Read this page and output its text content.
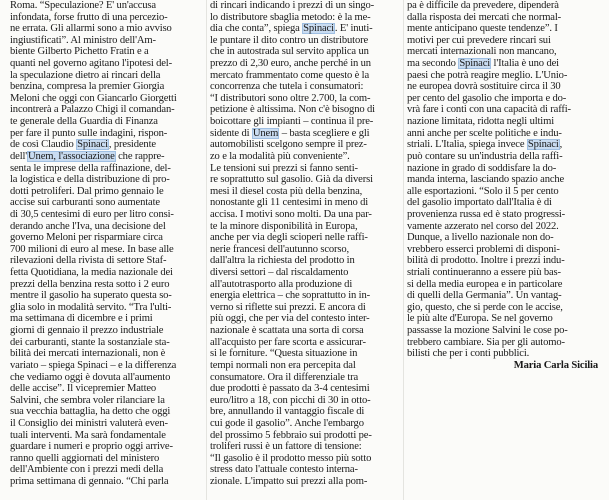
Roma. “Speculazione? E' un'accusa
infondata, forse frutto di una percezio-
ne errata. Gli allarmi sono a mio avviso
ingiustificati”. Al ministro dell'Am-
biente Gilberto Pichetto Fratin e a
quanti nel governo agitano l'ipotesi del-
la speculazione dietro ai rincari della
benzina, compresa la premier Giorgia
Meloni che oggi con Giancarlo Giorgetti
incontrerà a Palazzo Chigi il comandan-
te generale della Guardia di Finanza
per fare il punto sulle indagini, rispon-
de così Claudio Spinaci, presidente
dell'Unem, l'associazione che rappre-
senta le imprese della raffinazione, del-
la logistica e della distribuzione di pro-
dotti petroliferi. Dal primo gennaio le
accise sui carburanti sono aumentate
di 30,5 centesimi di euro per litro consi-
derando anche l'Iva, una decisione del
governo Meloni per risparmiare circa
700 milioni di euro al mese. In base alle
rilevazioni della rivista di settore Staf-
fetta Quotidiana, la media nazionale dei
prezzi della benzina resta sotto i 2 euro
mentre il gasolio ha superato questa so-
glia solo in modalità servito. “Tra l'ulti-
ma settimana di dicembre e i primi
giorni di gennaio il prezzo industriale
dei carburanti, stante la sostanziale sta-
bilità dei mercati internazionali, non è
variato – spiega Spinaci – e la differenza
che vediamo oggi è dovuta all'aumento
delle accise”. Il vicepremier Matteo
Salvini, che sembra voler rilanciare la
sua vecchia battaglia, ha detto che oggi
il Consiglio dei ministri valuterà even-
tuali interventi. Ma sarà fondamentale
guardare i numeri e proprio oggi arrive-
ranno quelli aggiornati del ministero
dell'Ambiente con i prezzi medi della
prima settimana di gennaio. “Chi parla
di rincari indicando i prezzi di un singo-
lo distributore sbaglia metodo: è la me-
dia che conta”, spiega Spinaci. E' inuti-
le puntare il dito contro un distributore
che in autostrada sul servito applica un
prezzo di 2,30 euro, anche perché in un
mercato frammentato come questo è la
concorrenza che tutela i consumatori:
“I distributori sono oltre 2.700, la com-
petizione è altissima. Non c'è bisogno di
boicottare gli impianti – continua il pre-
sidente di Unem – basta scegliere e gli
automobilisti scelgono sempre il prez-
zo e la modalità più conveniente”.
Le tensioni sui prezzi si fanno senti-
re soprattutto sul gasolio. Già da diversi
mesi il diesel costa più della benzina,
nonostante gli 11 centesimi in meno di
accisa. I motivi sono molti. Da una par-
te la minore disponibilità in Europa,
anche per via degli scioperi nelle raffi-
nerie francesi dell'autunno scorso,
dall'altra la richiesta del prodotto in
diversi settori – dal riscaldamento
all'autotrasporto alla produzione di
energia elettrica – che soprattutto in in-
verno si riflette sui prezzi. E ancora di
più oggi, che per via del contesto inter-
nazionale è scattata una sorta di corsa
all'acquisto per fare scorta e assicurar-
si le forniture. “Questa situazione in
tempi normali non era percepita dal
consumatore. Ora il differenziale tra
due prodotti è passato da 3-4 centesimi
euro/litro a 18, con picchi di 30 in otto-
bre, annullando il vantaggio fiscale di
cui gode il gasolio”. Anche l'embargo
del prossimo 5 febbraio sui prodotti pe-
troliferi russi è un fattore di tensione:
“Il gasolio è il prodotto messo più sotto
stress dato l'attuale contesto interna-
zionale. L'impatto sui prezzi alla pom-
pa è difficile da prevedere, dipenderà
dalla risposta dei mercati che normal-
mente anticipano queste tendenze”. I
motivi per cui prevedere rincari sui
mercati internazionali non mancano,
ma secondo Spinaci l'Italia è uno dei
paesi che potrà reagire meglio. L'Unio-
ne europea dovrà sostituire circa il 30
per cento del gasolio che importa e do-
vrà fare i conti con una capacità di raffi-
nazione limitata, ridotta negli ultimi
anni anche per scelte politiche e indu-
striali. L'Italia, spiega invece Spinaci,
può contare su un'industria della raffi-
nazione in grado di soddisfare la do-
manda interna, lasciando spazio anche
alle esportazioni. “Solo il 5 per cento
del gasolio importato dall'Italia è di
provenienza russa ed è stato progressi-
vamente azzerato nel corso del 2022.
Dunque, a livello nazionale non do-
vrebbero esserci problemi di disponi-
bilità di prodotto. Inoltre i prezzi indu-
striali continueranno a essere più bas-
si della media europea e in particolare
di quelli della Germania”. Un vantag-
gio, questo, che si perde con le accise,
le più alte d'Europa. Se nel governo
passasse la mozione Salvini le cose po-
trebbero cambiare. Sia per gli automo-
bilisti che per i conti pubblici.
Maria Carla Sicilia
